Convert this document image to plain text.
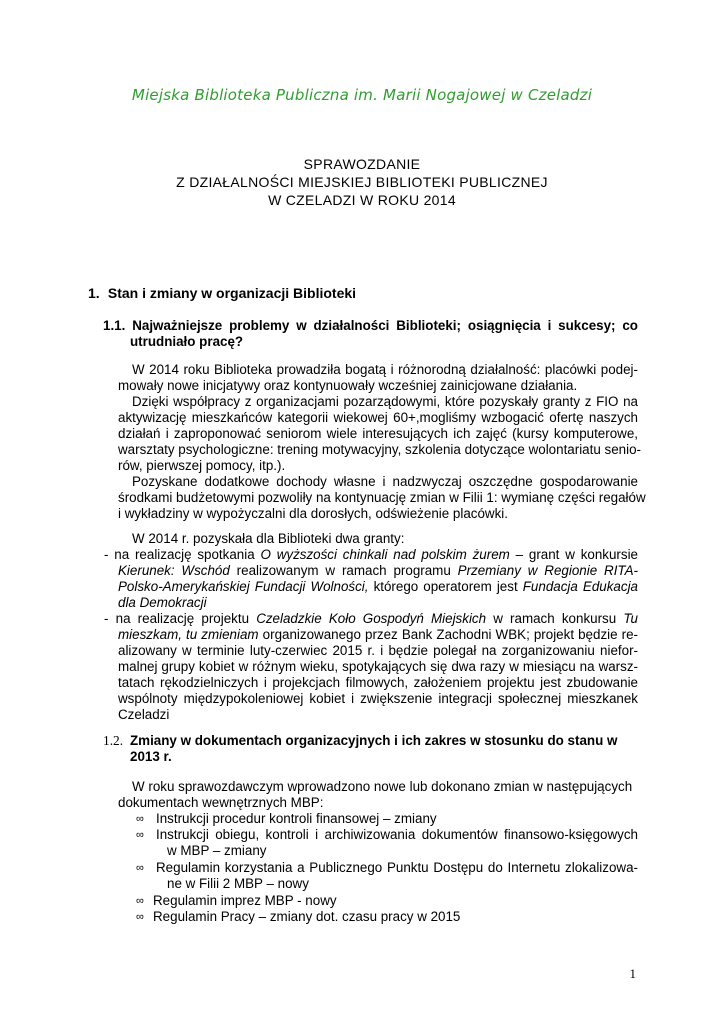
Miejska Biblioteka Publiczna im. Marii Nogajowej w Czeladzi
SPRAWOZDANIE
Z DZIAŁALNOŚCI MIEJSKIEJ BIBLIOTEKI PUBLICZNEJ
W CZELADZI W ROKU 2014
1. Stan i zmiany w organizacji Biblioteki
1.1. Najważniejsze problemy w działalności Biblioteki; osiągnięcia i sukcesy; co
utrudniało pracę?
W 2014 roku Biblioteka prowadziła bogatą i różnorodną działalność: placówki podej-
mowały nowe inicjatywy oraz kontynuowały wcześniej zainicjowane działania.
Dzięki współpracy z organizacjami pozarządowymi, które pozyskały granty z FIO na
aktywizację mieszkańców kategorii wiekowej 60+,mogliśmy wzbogacić ofertę naszych
działań i zaproponować seniorom wiele interesujących ich zajęć (kursy komputerowe,
warsztaty psychologiczne: trening motywacyjny, szkolenia dotyczące wolontariatu senio-
rów, pierwszej pomocy, itp.).
Pozyskane dodatkowe dochody własne i nadzwyczaj oszczędne gospodarowanie
środkami budżetowymi pozwoliły na kontynuację zmian w Filii 1: wymianę części regałów
i wykładziny w wypożyczalni dla dorosłych, odświeżenie placówki.
W 2014 r. pozyskała dla Biblioteki dwa granty:
- na realizację spotkania O wyższości chinkali nad polskim żurem – grant w konkursie
Kierunek: Wschód realizowanym w ramach programu Przemiany w Regionie RITA-
Polsko-Amerykańskiej Fundacji Wolności, którego operatorem jest Fundacja Edukacja
dla Demokracji
- na realizację projektu Czeladzkie Koło Gospodyń Miejskich w ramach konkursu Tu
mieszkam, tu zmieniam organizowanego przez Bank Zachodni WBK; projekt będzie re-
alizowany w terminie luty-czerwiec 2015 r. i będzie polegał na zorganizowaniu niefor-
malnej grupy kobiet w różnym wieku, spotykających się dwa razy w miesiącu na warsz-
tatach rękodzielniczych i projekcjach filmowych, założeniem projektu jest zbudowanie
wspólnoty międzypokoleniowej kobiet i zwiększenie integracji społecznej mieszkanek
Czeladzi
1.2. Zmiany w dokumentach organizacyjnych i ich zakres w stosunku do stanu w
2013 r.
W roku sprawozdawczym wprowadzono nowe lub dokonano zmian w następujących
dokumentach wewnętrznych MBP:
∞ Instrukcji procedur kontroli finansowej – zmiany
∞ Instrukcji obiegu, kontroli i archiwizowania dokumentów finansowo-księgowych
w MBP – zmiany
∞ Regulamin korzystania a Publicznego Punktu Dostępu do Internetu zlokalizowa-
ne w Filii 2 MBP – nowy
∞ Regulamin imprez MBP - nowy
∞ Regulamin Pracy – zmiany dot. czasu pracy w 2015
1
